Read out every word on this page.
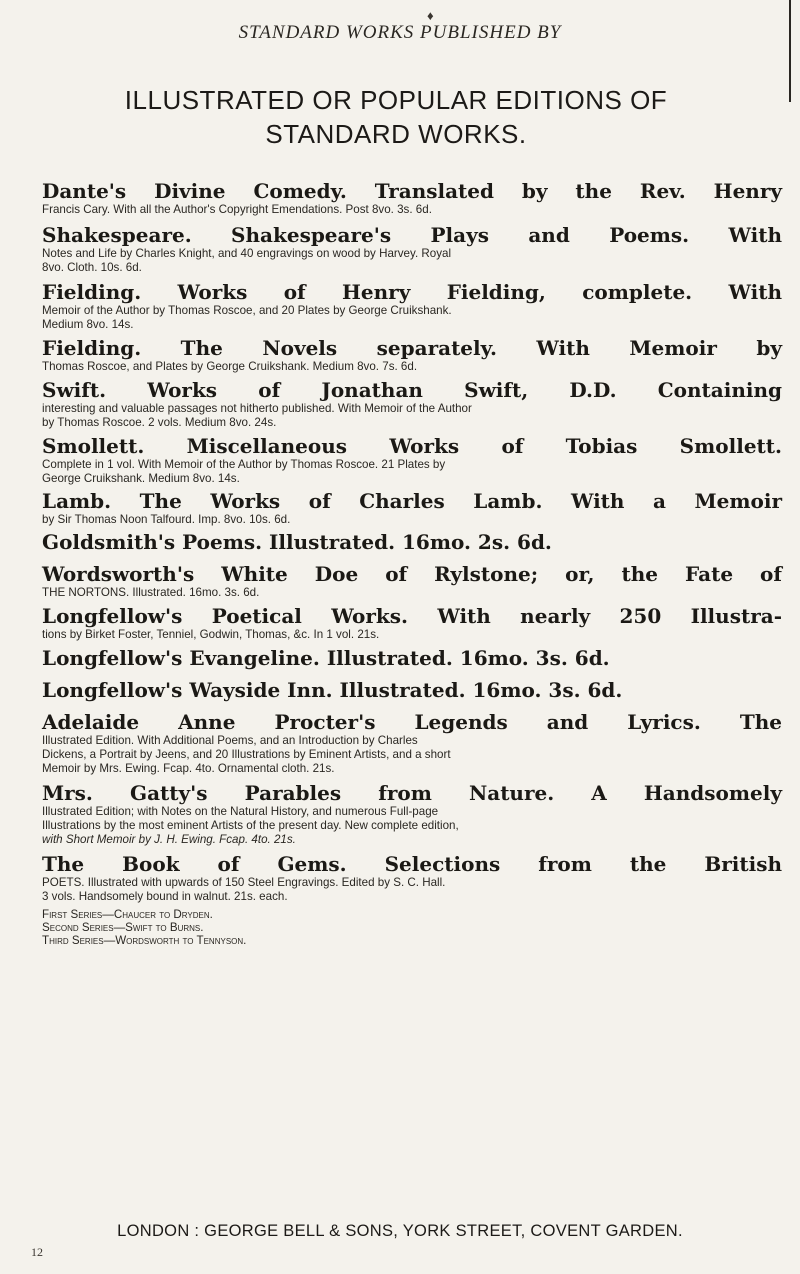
♦
STANDARD WORKS PUBLISHED BY
ILLUSTRATED OR POPULAR EDITIONS OF
STANDARD WORKS.
Dante's Divine Comedy. Translated by the Rev. Henry
Francis Cary. With all the Author's Copyright Emendations. Post 8vo. 3s. 6d.
Shakespeare. Shakespeare's Plays and Poems. With
Notes and Life by Charles Knight, and 40 engravings on wood by Harvey. Royal
8vo. Cloth. 10s. 6d.
Fielding. Works of Henry Fielding, complete. With
Memoir of the Author by Thomas Roscoe, and 20 Plates by George Cruikshank.
Medium 8vo. 14s.
Fielding. The Novels separately. With Memoir by
Thomas Roscoe, and Plates by George Cruikshank. Medium 8vo. 7s. 6d.
Swift. Works of Jonathan Swift, D.D. Containing
interesting and valuable passages not hitherto published. With Memoir of the Author
by Thomas Roscoe. 2 vols. Medium 8vo. 24s.
Smollett. Miscellaneous Works of Tobias Smollett.
Complete in 1 vol. With Memoir of the Author by Thomas Roscoe. 21 Plates by
George Cruikshank. Medium 8vo. 14s.
Lamb. The Works of Charles Lamb. With a Memoir
by Sir Thomas Noon Talfourd. Imp. 8vo. 10s. 6d.
Goldsmith's Poems. Illustrated. 16mo. 2s. 6d.
Wordsworth's White Doe of Rylstone; or, the Fate of
THE NORTONS. Illustrated. 16mo. 3s. 6d.
Longfellow's Poetical Works. With nearly 250 Illustra-
tions by Birket Foster, Tenniel, Godwin, Thomas, &c. In 1 vol. 21s.
Longfellow's Evangeline. Illustrated. 16mo. 3s. 6d.
Longfellow's Wayside Inn. Illustrated. 16mo. 3s. 6d.
Adelaide Anne Procter's Legends and Lyrics. The
Illustrated Edition. With Additional Poems, and an Introduction by Charles
Dickens, a Portrait by Jeens, and 20 Illustrations by Eminent Artists, and a short
Memoir by Mrs. Ewing. Fcap. 4to. Ornamental cloth. 21s.
Mrs. Gatty's Parables from Nature. A Handsomely
Illustrated Edition; with Notes on the Natural History, and numerous Full-page
Illustrations by the most eminent Artists of the present day. New complete edition,
with Short Memoir by J. H. Ewing. Fcap. 4to. 21s.
The Book of Gems. Selections from the British
POETS. Illustrated with upwards of 150 Steel Engravings. Edited by S. C. Hall.
3 vols. Handsomely bound in walnut. 21s. each.
First Series—Chaucer to Dryden.
Second Series—Swift to Burns.
Third Series—Wordsworth to Tennyson.
LONDON : GEORGE BELL & SONS, YORK STREET, COVENT GARDEN.
12
